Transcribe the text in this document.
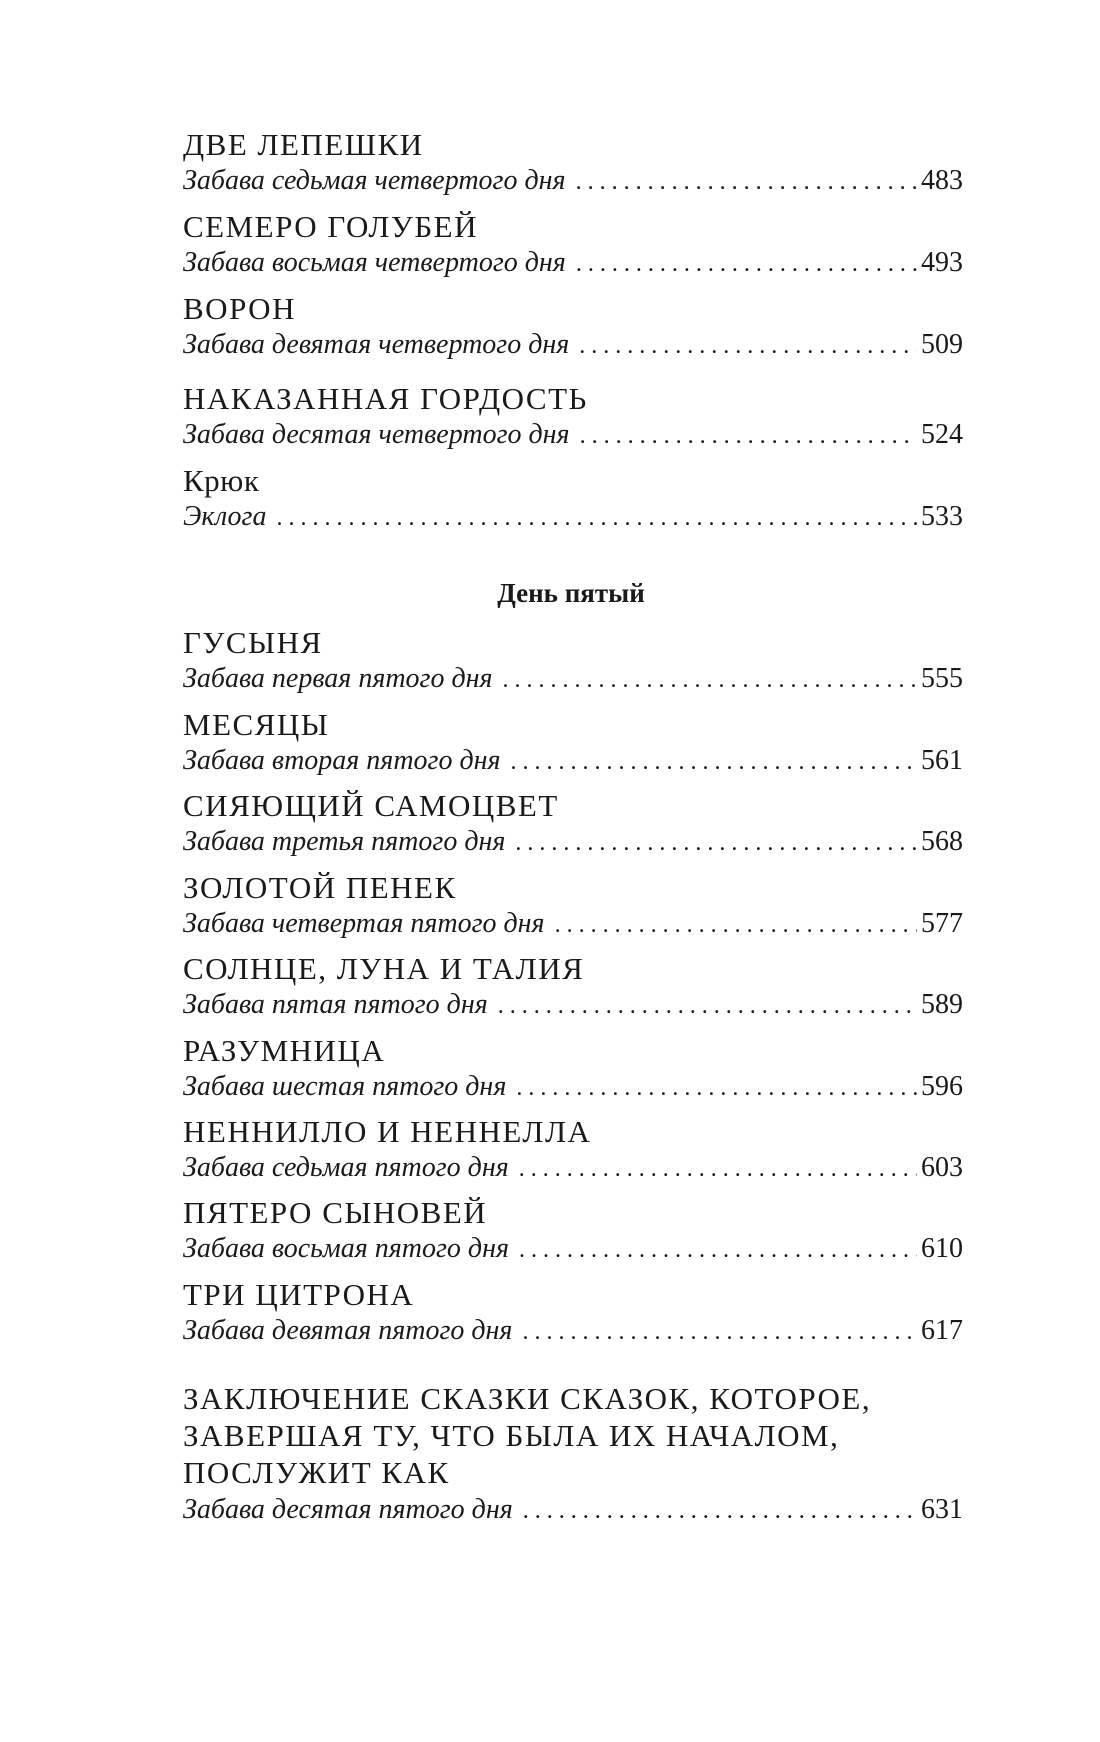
ДВЕ ЛЕПЕШКИ
Забава седьмая четвертого дня . . .	483
СЕМЕРО ГОЛУБЕЙ
Забава восьмая четвертого дня . . .	493
ВОРОН
Забава девятая четвертого дня . . .	509
НАКАЗАННАЯ ГОРДОСТЬ
Забава десятая четвертого дня . . .	524
Крюк
Эклога . . .	533
День пятый
ГУСЫНЯ
Забава первая пятого дня . . .	555
МЕСЯЦЫ
Забава вторая пятого дня . . .	561
СИЯЮЩИЙ САМОЦВЕТ
Забава третья пятого дня . . .	568
ЗОЛОТОЙ ПЕНЕК
Забава четвертая пятого дня . . .	577
СОЛНЦЕ, ЛУНА И ТАЛИЯ
Забава пятая пятого дня . . .	589
РАЗУМНИЦА
Забава шестая пятого дня . . .	596
НЕННИЛЛО И НЕННЕЛЛА
Забава седьмая пятого дня . . .	603
ПЯТЕРО СЫНОВЕЙ
Забава восьмая пятого дня . . .	610
ТРИ ЦИТРОНА
Забава девятая пятого дня . . .	617
ЗАКЛЮЧЕНИЕ СКАЗКИ СКАЗОК, КОТОРОЕ,
ЗАВЕРШАЯ ТУ, ЧТО БЫЛА ИХ НАЧАЛОМ,
ПОСЛУЖИТ КАК
Забава десятая пятого дня . . .	631
